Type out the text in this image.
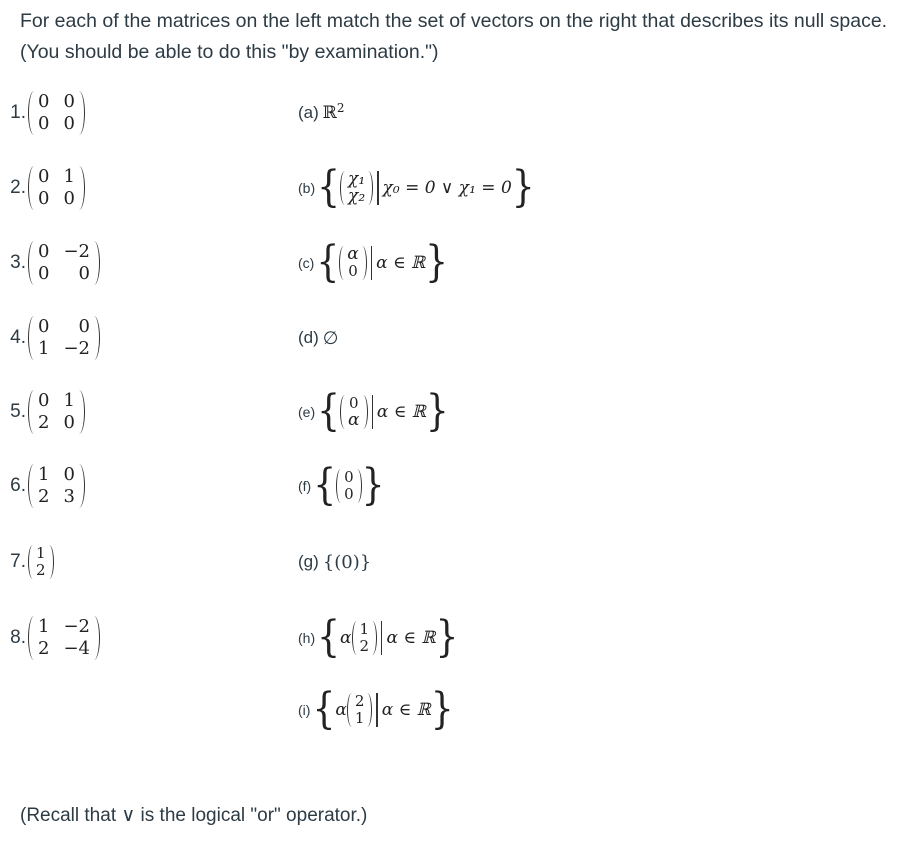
For each of the matrices on the left match the set of vectors on the right that describes its null space. (You should be able to do this "by examination.")
1.
0 0
0 0
2.
0 1
0 0
3.
0 −2
0	0
4.
0	0
1 −2
5.
0 1
2 0
6.
1 0
2 3
7. 1
2
8.
1 −2
2 −4
(a) ℝ$^2$
(b) { χ₁
χ₂ χ₀ = 0 ∨ χ₁ = 0 }
(c) { α
0 α ∈ ℝ }
(d) ∅
(e) { 0
α α ∈ ℝ }
(f) { 0
0 }
(g) {(0)}
(h) { α 1
2 α ∈ ℝ }
(i) { α 2
1 α ∈ ℝ }
(Recall that ∨ is the logical "or" operator.)
